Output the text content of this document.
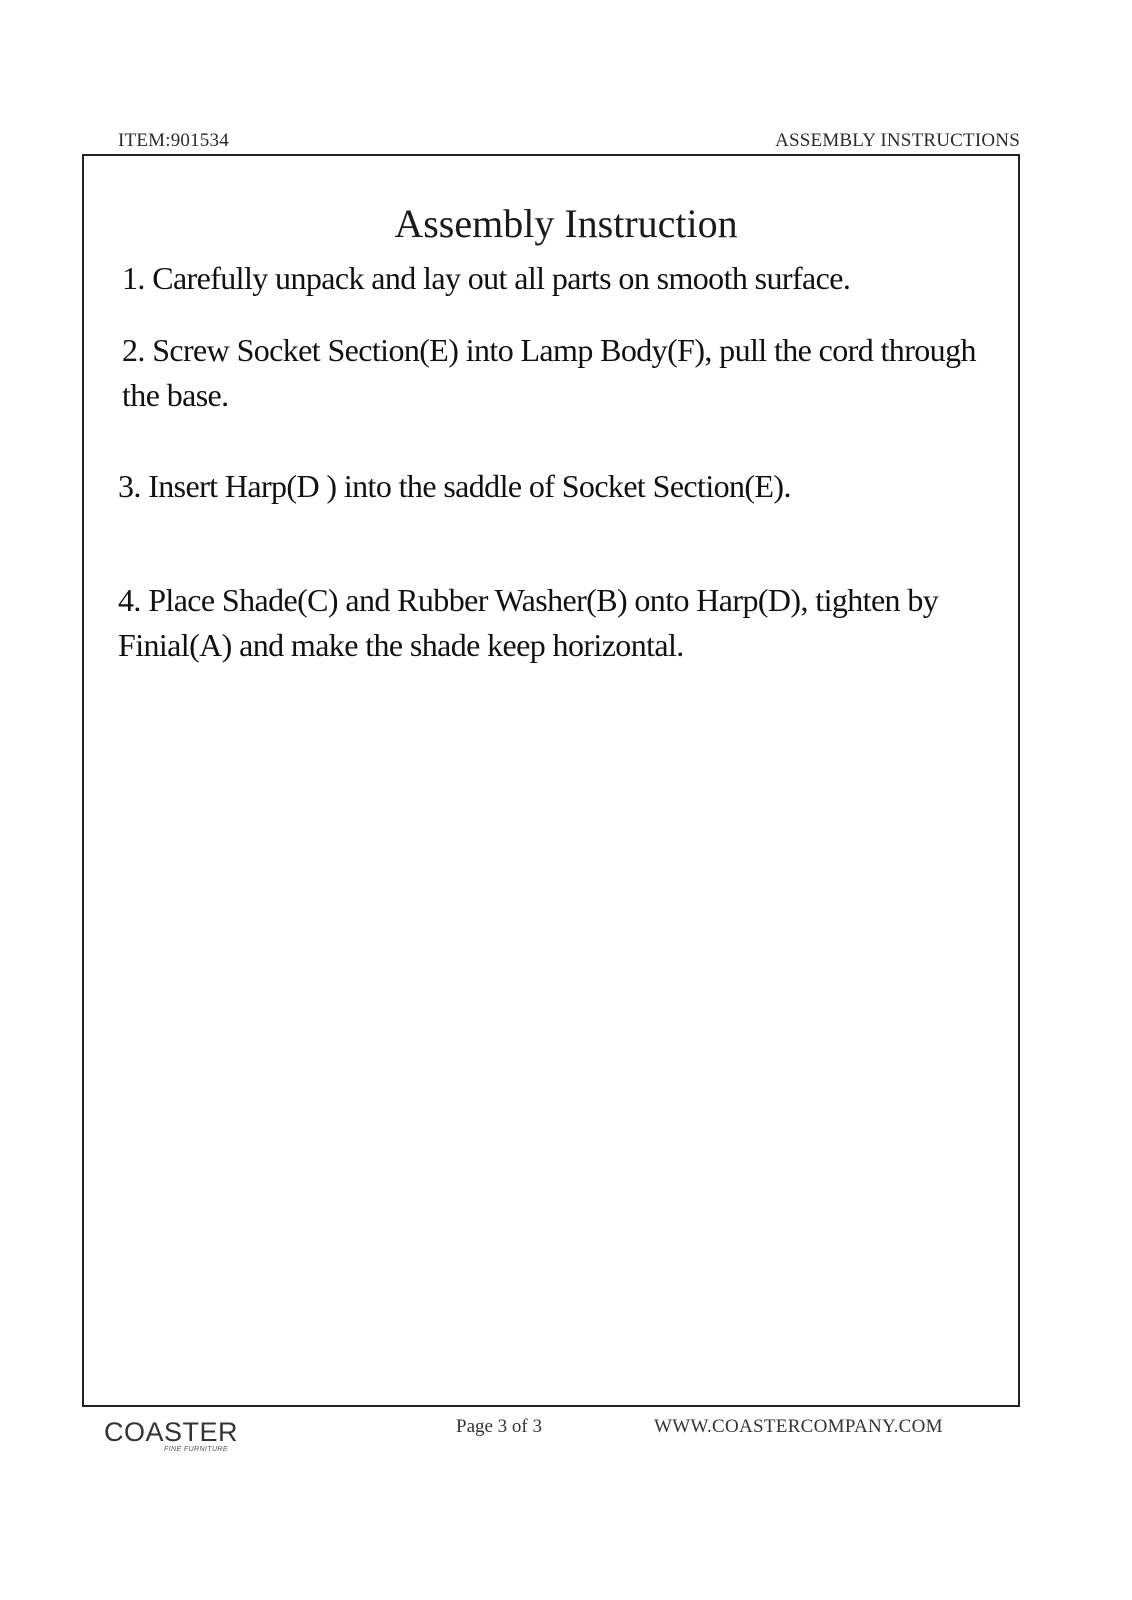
ITEM:901534	ASSEMBLY INSTRUCTIONS
Assembly Instruction
1. Carefully unpack and lay out all parts on smooth surface.
2. Screw Socket Section(E) into Lamp Body(F), pull the cord through the base.
3. Insert Harp(D ) into the saddle of Socket Section(E).
4. Place Shade(C) and Rubber Washer(B) onto Harp(D), tighten by Finial(A) and make the shade keep horizontal.
COASTER
FINE FURNITURE
Page 3 of 3	WWW.COASTERCOMPANY.COM
